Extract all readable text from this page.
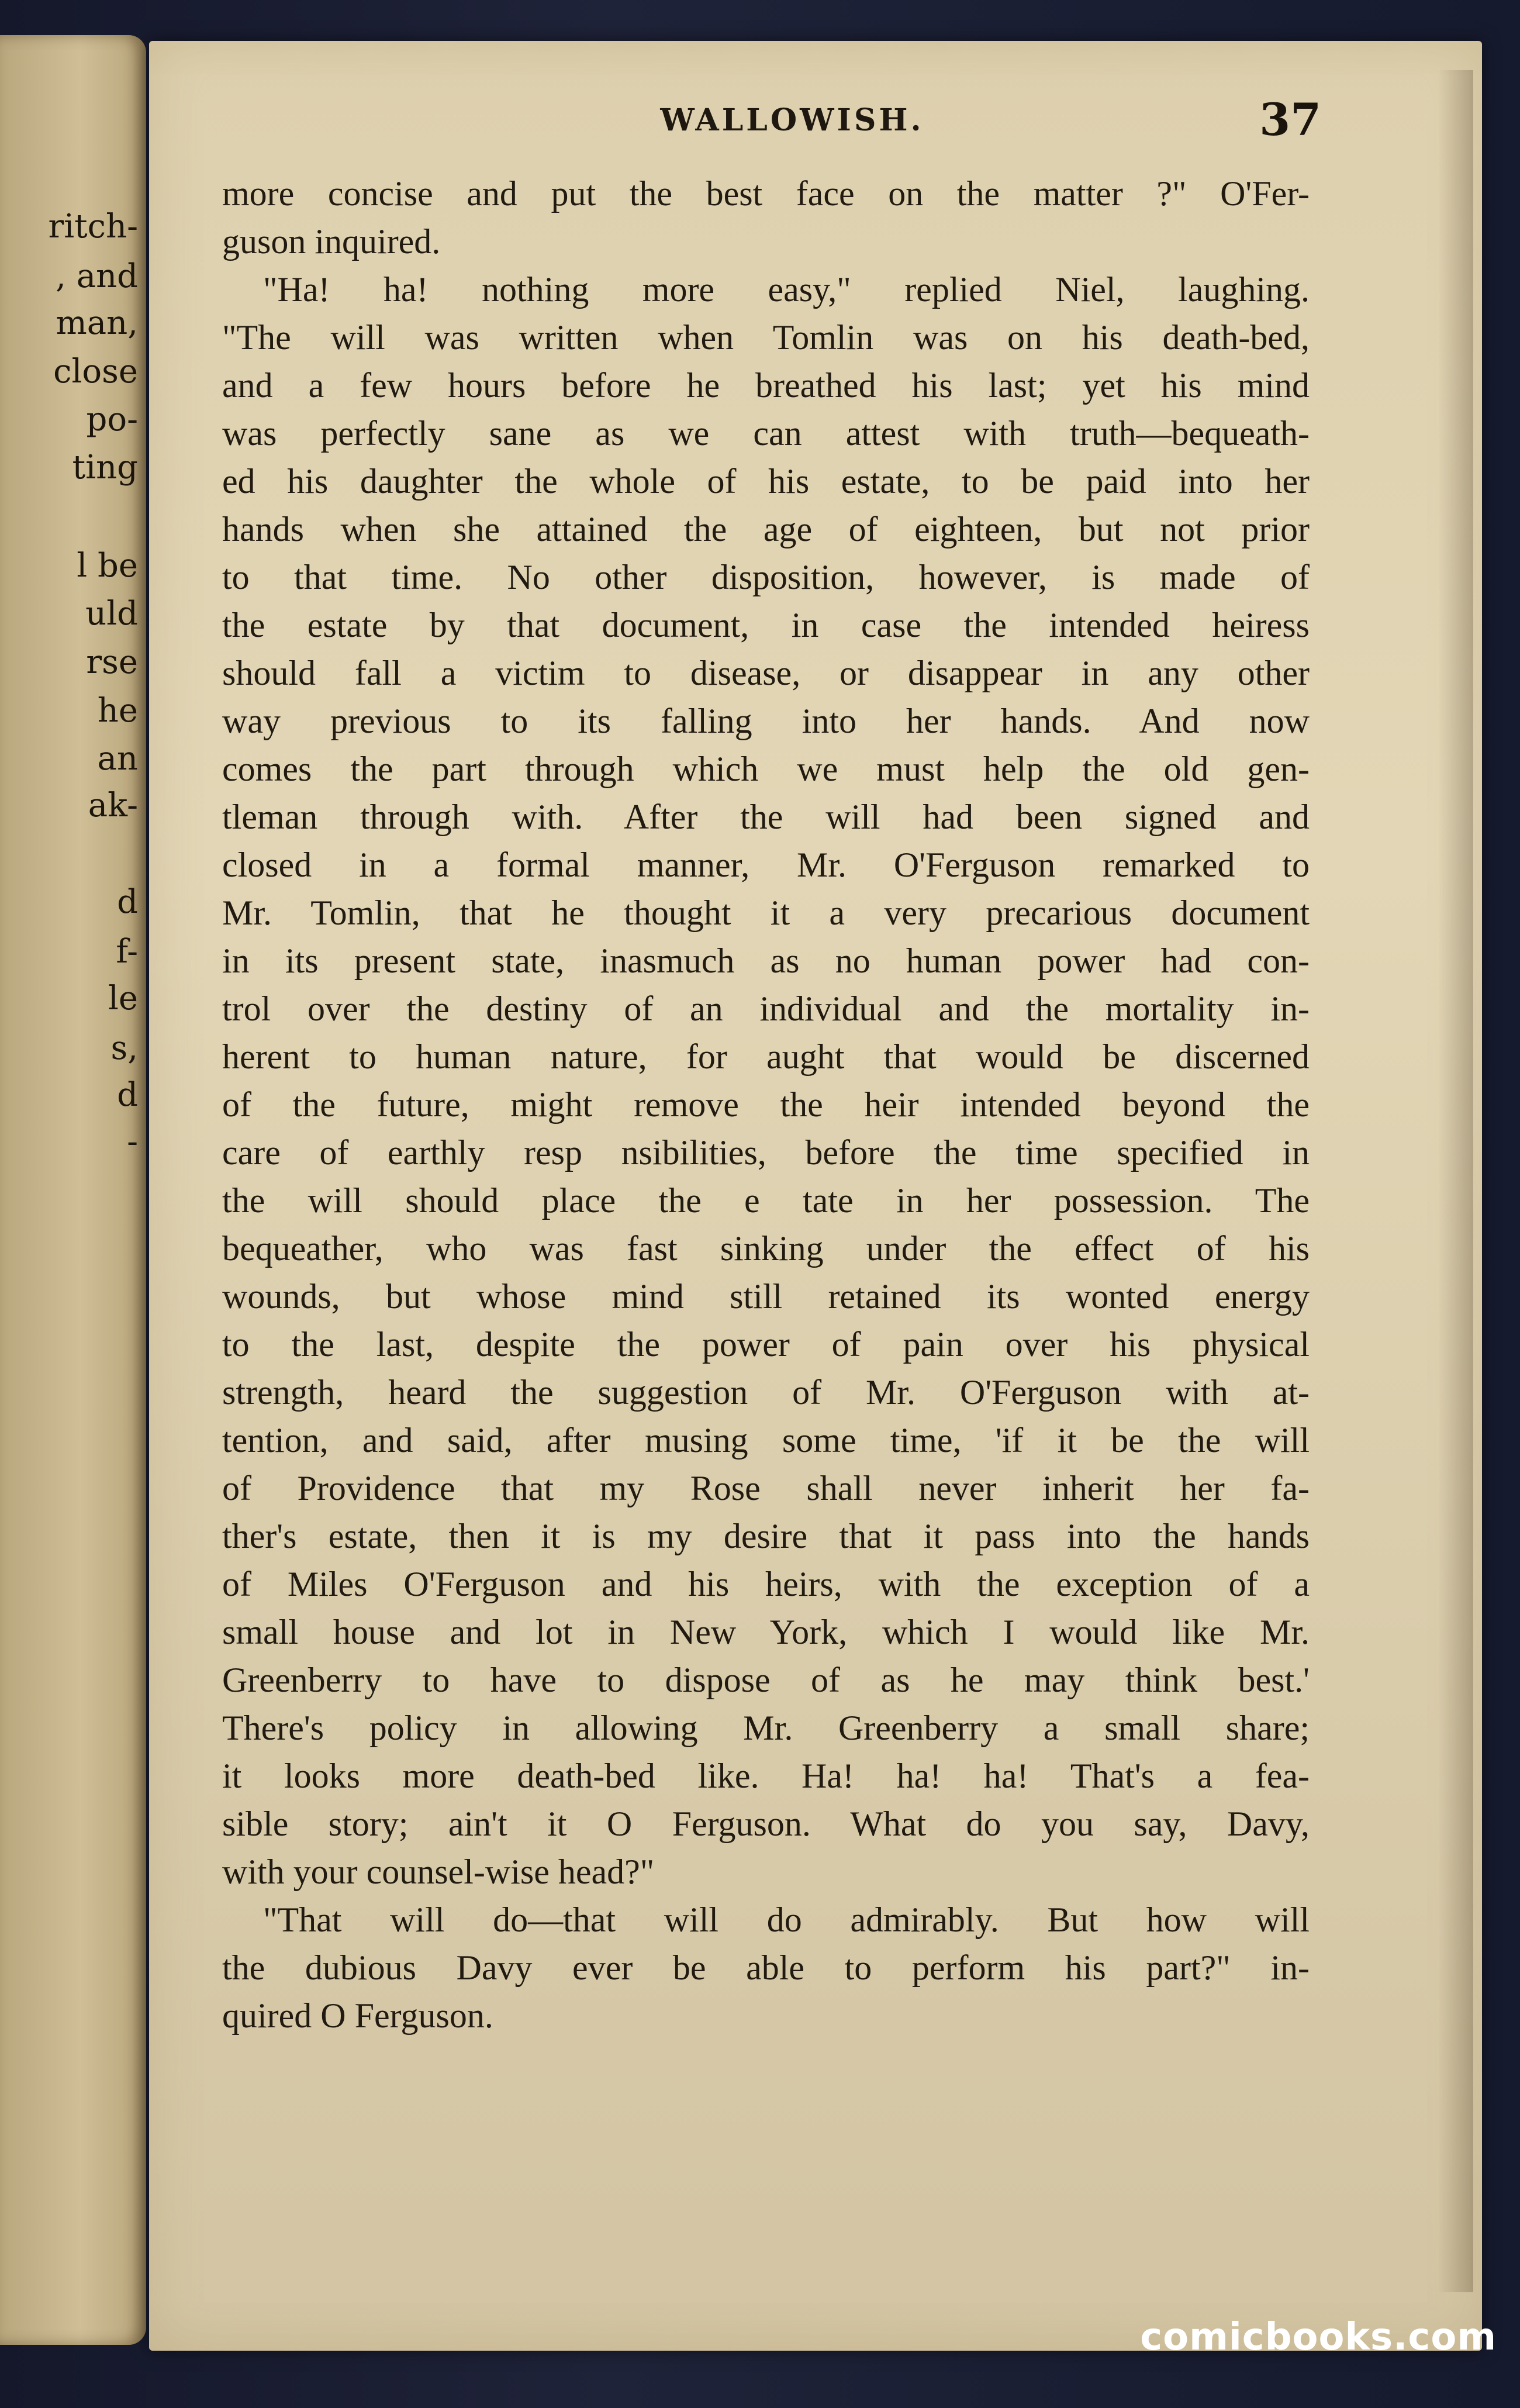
ritch-
, and
man,
close
po-
ting
l be
uld
rse
he
an
ak-
d
f-
le
s,
d
-
WALLOWISH.	37
more concise and put the best face on the matter ?" O'Fer-
guson inquired.
"Ha! ha! nothing more easy," replied Niel, laughing.
"The will was written when Tomlin was on his death-bed,
and a few hours before he breathed his last; yet his mind
was perfectly sane as we can attest with truth—bequeath-
ed his daughter the whole of his estate, to be paid into her
hands when she attained the age of eighteen, but not prior
to that time. No other disposition, however, is made of
the estate by that document, in case the intended heiress
should fall a victim to disease, or disappear in any other
way previous to its falling into her hands. And now
comes the part through which we must help the old gen-
tleman through with. After the will had been signed and
closed in a formal manner, Mr. O'Ferguson remarked to
Mr. Tomlin, that he thought it a very precarious document
in its present state, inasmuch as no human power had con-
trol over the destiny of an individual and the mortality in-
herent to human nature, for aught that would be discerned
of the future, might remove the heir intended beyond the
care of earthly resp nsibilities, before the time specified in
the will should place the e tate in her possession. The
bequeather, who was fast sinking under the effect of his
wounds, but whose mind still retained its wonted energy
to the last, despite the power of pain over his physical
strength, heard the suggestion of Mr. O'Ferguson with at-
tention, and said, after musing some time, 'if it be the will
of Providence that my Rose shall never inherit her fa-
ther's estate, then it is my desire that it pass into the hands
of Miles O'Ferguson and his heirs, with the exception of a
small house and lot in New York, which I would like Mr.
Greenberry to have to dispose of as he may think best.'
There's policy in allowing Mr. Greenberry a small share;
it looks more death-bed like. Ha! ha! ha! That's a fea-
sible story; ain't it O Ferguson. What do you say, Davy,
with your counsel-wise head?"
"That will do—that will do admirably. But how will
the dubious Davy ever be able to perform his part?" in-
quired O Ferguson.
comicbooks.com
